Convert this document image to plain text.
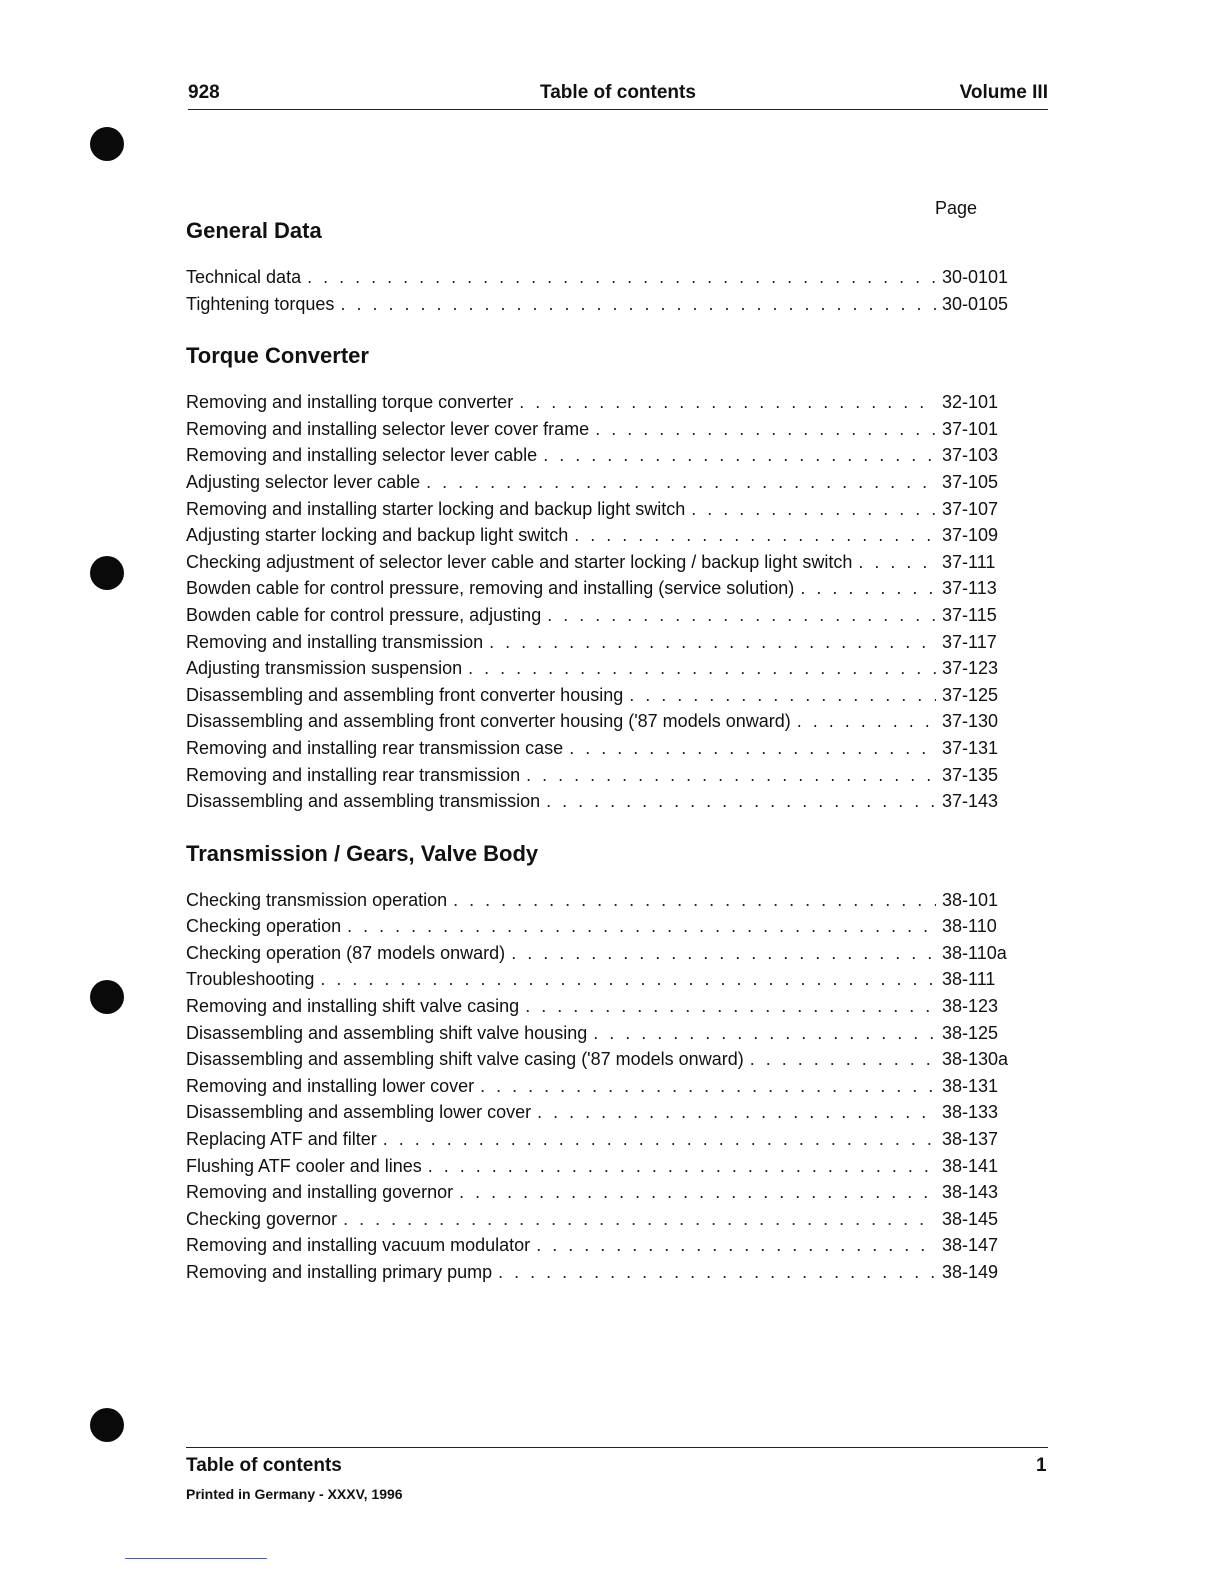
928	Table of contents	Volume III
Page
General Data
Technical data . . .	30-0101
Tightening torques . . .	30-0105
Torque Converter
Removing and installing torque converter . . .	32-101
Removing and installing selector lever cover frame . . .	37-101
Removing and installing selector lever cable . . .	37-103
Adjusting selector lever cable . . .	37-105
Removing and installing starter locking and backup light switch . . .	37-107
Adjusting starter locking and backup light switch . . .	37-109
Checking adjustment of selector lever cable and starter locking / backup light switch . . .	37-111
Bowden cable for control pressure, removing and installing (service solution) . . .	37-113
Bowden cable for control pressure, adjusting . . .	37-115
Removing and installing transmission . . .	37-117
Adjusting transmission suspension . . .	37-123
Disassembling and assembling front converter housing . . .	37-125
Disassembling and assembling front converter housing ('87 models onward) . . .	37-130
Removing and installing rear transmission case . . .	37-131
Removing and installing rear transmission . . .	37-135
Disassembling and assembling transmission . . .	37-143
Transmission / Gears, Valve Body
Checking transmission operation . . .	38-101
Checking operation . . .	38-110
Checking operation (87 models onward) . . .	38-110a
Troubleshooting . . .	38-111
Removing and installing shift valve casing . . .	38-123
Disassembling and assembling shift valve housing . . .	38-125
Disassembling and assembling shift valve casing ('87 models onward) . . .	38-130a
Removing and installing lower cover . . .	38-131
Disassembling and assembling lower cover . . .	38-133
Replacing ATF and filter . . .	38-137
Flushing ATF cooler and lines . . .	38-141
Removing and installing governor . . .	38-143
Checking governor . . .	38-145
Removing and installing vacuum modulator . . .	38-147
Removing and installing primary pump . . .	38-149
Table of contents	1
Printed in Germany - XXXV, 1996
